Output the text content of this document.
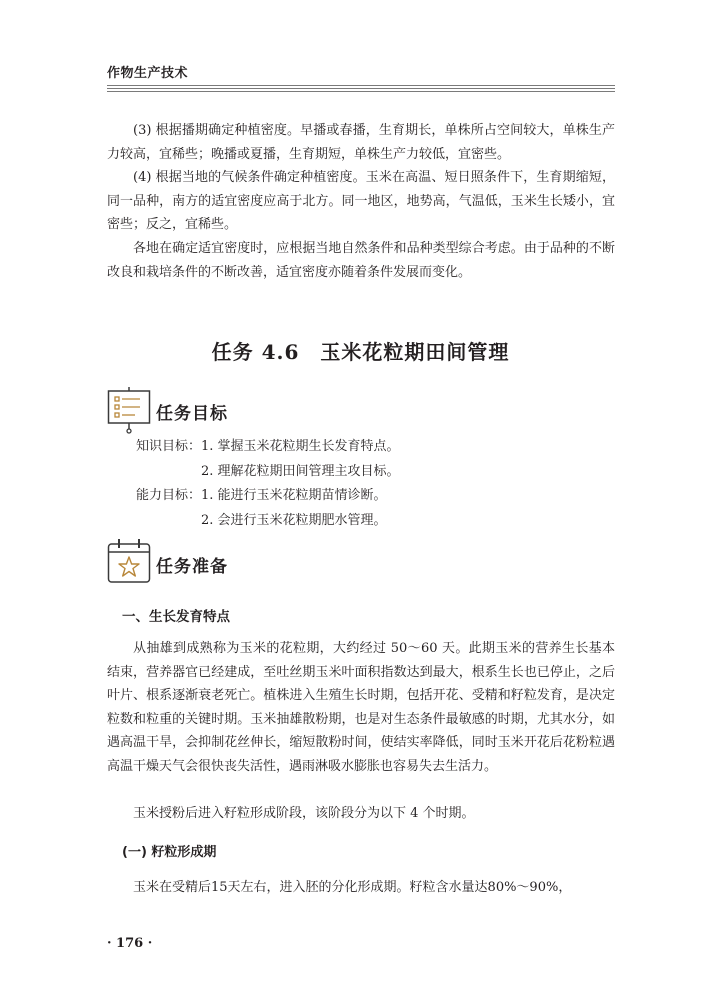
作物生产技术
(3) 根据播期确定种植密度。早播或春播，生育期长，单株所占空间较大，单株生产力较高，宜稀些；晚播或夏播，生育期短，单株生产力较低，宜密些。
(4) 根据当地的气候条件确定种植密度。玉米在高温、短日照条件下，生育期缩短，同一品种，南方的适宜密度应高于北方。同一地区，地势高，气温低，玉米生长矮小，宜密些；反之，宜稀些。
各地在确定适宜密度时，应根据当地自然条件和品种类型综合考虑。由于品种的不断改良和栽培条件的不断改善，适宜密度亦随着条件发展而变化。
任务 4.6　玉米花粒期田间管理
任务目标
知识目标： 1. 掌握玉米花粒期生长发育特点。
2. 理解花粒期田间管理主攻目标。
能力目标： 1. 能进行玉米花粒期苗情诊断。
2. 会进行玉米花粒期肥水管理。
任务准备
一、生长发育特点
从抽雄到成熟称为玉米的花粒期，大约经过 50～60 天。此期玉米的营养生长基本结束，营养器官已经建成，至吐丝期玉米叶面积指数达到最大，根系生长也已停止，之后叶片、根系逐渐衰老死亡。植株进入生殖生长时期，包括开花、受精和籽粒发育，是决定粒数和粒重的关键时期。玉米抽雄散粉期，也是对生态条件最敏感的时期，尤其水分，如遇高温干旱，会抑制花丝伸长，缩短散粉时间，使结实率降低，同时玉米开花后花粉粒遇高温干燥天气会很快丧失活性，遇雨淋吸水膨胀也容易失去生活力。
玉米授粉后进入籽粒形成阶段，该阶段分为以下 4 个时期。
(一) 籽粒形成期
玉米在受精后15天左右，进入胚的分化形成期。籽粒含水量达80%～90%，
· 176 ·
